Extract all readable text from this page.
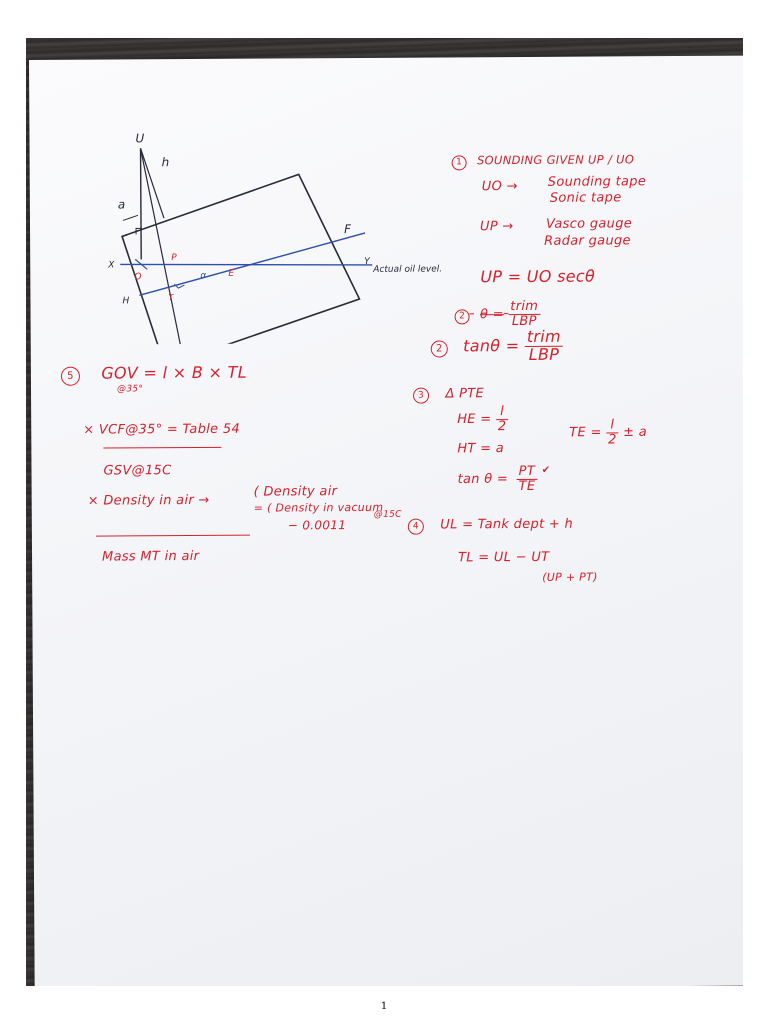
U
h
a
X
O
P
T
α E
F
Y
H
Actual oil level.
1 SOUNDING GIVEN UP / UO
UO → Sounding tape
Sonic tape
UP → Vasco gauge
Radar gauge
UP = UO secθ
2 $\theta = \frac{\text{trim}}{\text{LBP}}$
2 $\tan\theta = \frac{\text{trim}}{\text{LBP}}$
3 Δ PTE
HE = $\frac{l}{2}$	TE = $\frac{l}{2} \pm a$
HT = a
$\tan \theta = \frac{PT}{TE} ^✔$
4 UL = Tank dept + h
TL = UL − UT
(UP + PT)
5 GOV = l × B × TL
@35°
× VCF@35° = Table 54
GSV@15C
× Density in air →
( Density air
= ( Density in vacuum
@15C
− 0.0011
Mass MT in air
1
